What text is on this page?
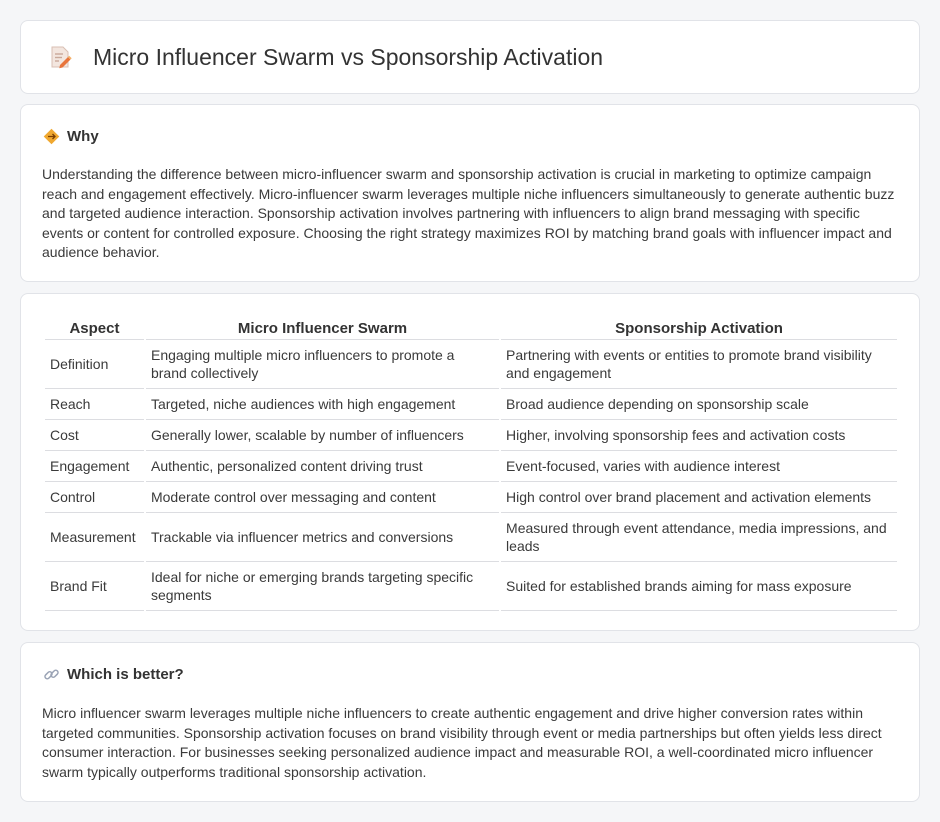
Micro Influencer Swarm vs Sponsorship Activation
Why

Understanding the difference between micro-influencer swarm and sponsorship activation is crucial in marketing to optimize campaign reach and engagement effectively. Micro-influencer swarm leverages multiple niche influencers simultaneously to generate authentic buzz and targeted audience interaction. Sponsorship activation involves partnering with influencers to align brand messaging with specific events or content for controlled exposure. Choosing the right strategy maximizes ROI by matching brand goals with influencer impact and audience behavior.

Aspect	Micro Influencer Swarm	Sponsorship Activation
Definition	Engaging multiple micro influencers to promote a brand collectively	Partnering with events or entities to promote brand visibility and engagement
Reach	Targeted, niche audiences with high engagement	Broad audience depending on sponsorship scale
Cost	Generally lower, scalable by number of influencers	Higher, involving sponsorship fees and activation costs
Engagement	Authentic, personalized content driving trust	Event-focused, varies with audience interest
Control	Moderate control over messaging and content	High control over brand placement and activation elements
Measurement	Trackable via influencer metrics and conversions	Measured through event attendance, media impressions, and leads
Brand Fit	Ideal for niche or emerging brands targeting specific segments	Suited for established brands aiming for mass exposure
Which is better?

Micro influencer swarm leverages multiple niche influencers to create authentic engagement and drive higher conversion rates within targeted communities. Sponsorship activation focuses on brand visibility through event or media partnerships but often yields less direct consumer interaction. For businesses seeking personalized audience impact and measurable ROI, a well-coordinated micro influencer swarm typically outperforms traditional sponsorship activation.
